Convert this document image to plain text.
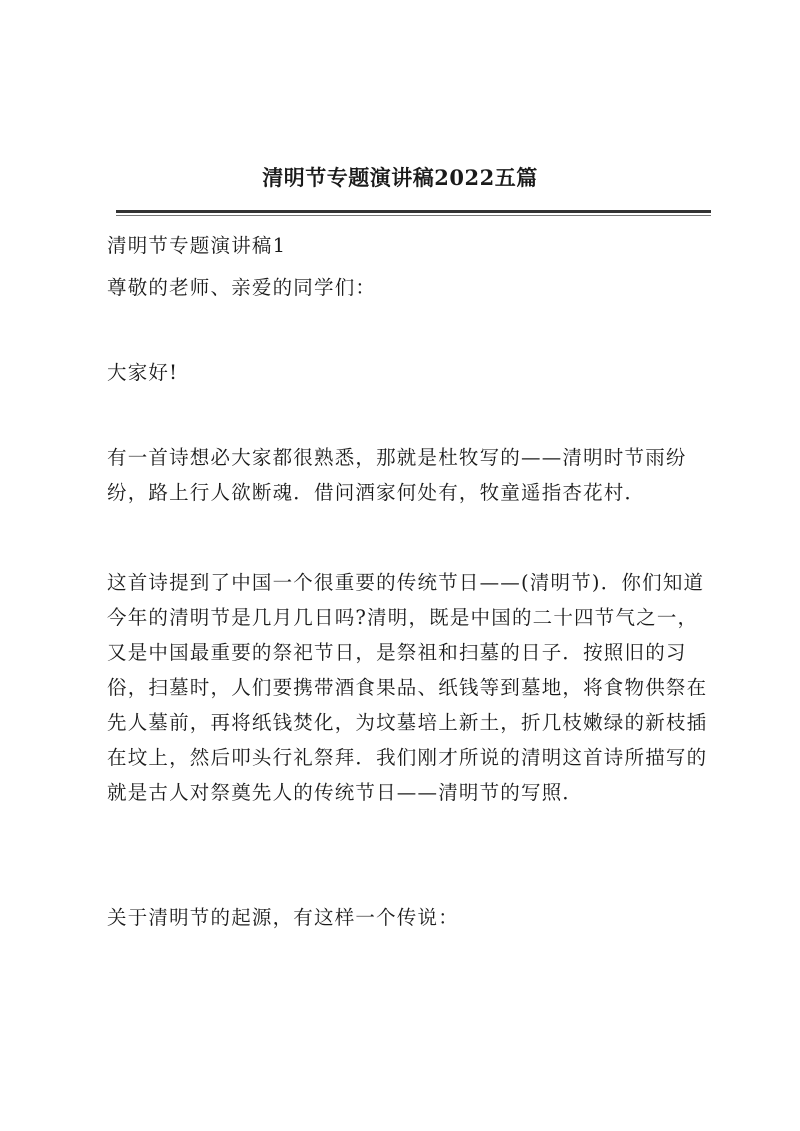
清明节专题演讲稿2022五篇

清明节专题演讲稿1

尊敬的老师、亲爱的同学们：

大家好!

有一首诗想必大家都很熟悉，那就是杜牧写的——清明时节雨纷纷，路上行人欲断魂．借问酒家何处有，牧童遥指杏花村．

这首诗提到了中国一个很重要的传统节日——(清明节)．你们知道今年的清明节是几月几日吗?清明，既是中国的二十四节气之一，又是中国最重要的祭祀节日，是祭祖和扫墓的日子．按照旧的习俗，扫墓时，人们要携带酒食果品、纸钱等到墓地，将食物供祭在先人墓前，再将纸钱焚化，为坟墓培上新土，折几枝嫩绿的新枝插在坟上，然后叩头行礼祭拜．我们刚才所说的清明这首诗所描写的就是古人对祭奠先人的传统节日——清明节的写照．

关于清明节的起源，有这样一个传说：
